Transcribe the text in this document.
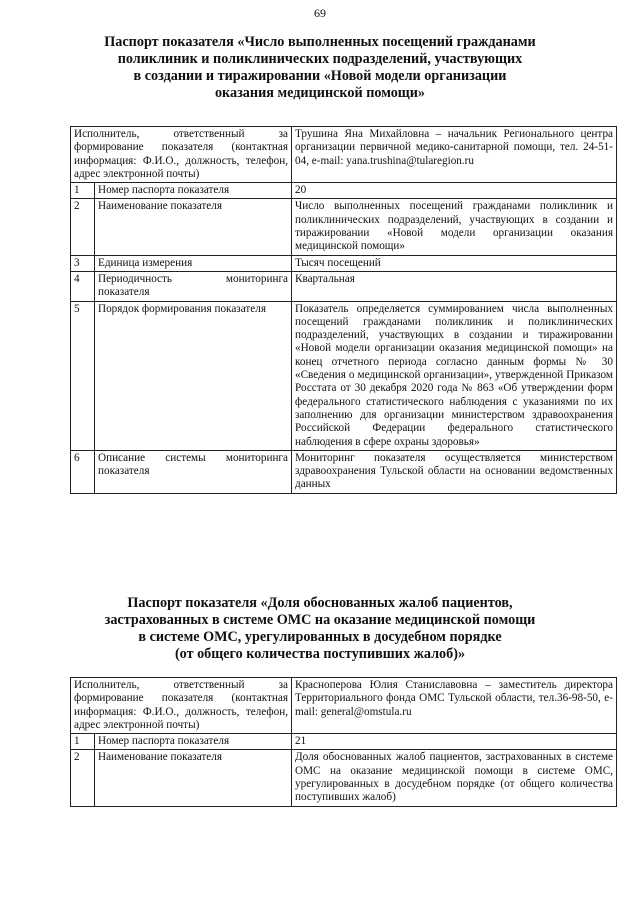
69
Паспорт показателя «Число выполненных посещений гражданами
поликлиник и поликлинических подразделений, участвующих
в создании и тиражировании «Новой модели организации
оказания медицинской помощи»
Исполнитель, ответственный за формирование показателя (контактная информация: Ф.И.О., должность, телефон, адрес электронной почты)		Трушина Яна Михайловна – начальник Регионального центра организации первичной медико-санитарной помощи, тел. 24-51-04, e-mail: yana.trushina@tularegion.ru
1	Номер паспорта показателя	20
2	Наименование показателя	Число выполненных посещений гражданами поликлиник и поликлинических подразделений, участвующих в создании и тиражировании «Новой модели организации оказания медицинской помощи»
3	Единица измерения	Тысяч посещений
4	Периодичность мониторинга показателя	Квартальная
5	Порядок формирования показателя	Показатель определяется суммированием числа выполненных посещений гражданами поликлиник и поликлинических подразделений, участвующих в создании и тиражировании «Новой модели организации оказания медицинской помощи» на конец отчетного периода согласно данным формы № 30 «Сведения о медицинской организации», утвержденной Приказом Росстата от 30 декабря 2020 года № 863 «Об утверждении форм федерального статистического наблюдения с указаниями по их заполнению для организации министерством здравоохранения Российской Федерации федерального статистического наблюдения в сфере охраны здоровья»
6	Описание системы мониторинга показателя	Мониторинг показателя осуществляется министерством здравоохранения Тульской области на основании ведомственных данных
Паспорт показателя «Доля обоснованных жалоб пациентов,
застрахованных в системе ОМС на оказание медицинской помощи
в системе ОМС, урегулированных в досудебном порядке
(от общего количества поступивших жалоб)»
Исполнитель, ответственный за формирование показателя (контактная информация: Ф.И.О., должность, телефон, адрес электронной почты)		Красноперова Юлия Станиславовна – заместитель директора Территориального фонда ОМС Тульской области, тел.36-98-50, e-mail: general@omstula.ru
1	Номер паспорта показателя	21
2	Наименование показателя	Доля обоснованных жалоб пациентов, застрахованных в системе ОМС на оказание медицинской помощи в системе ОМС, урегулированных в досудебном порядке (от общего количества поступивших жалоб)
